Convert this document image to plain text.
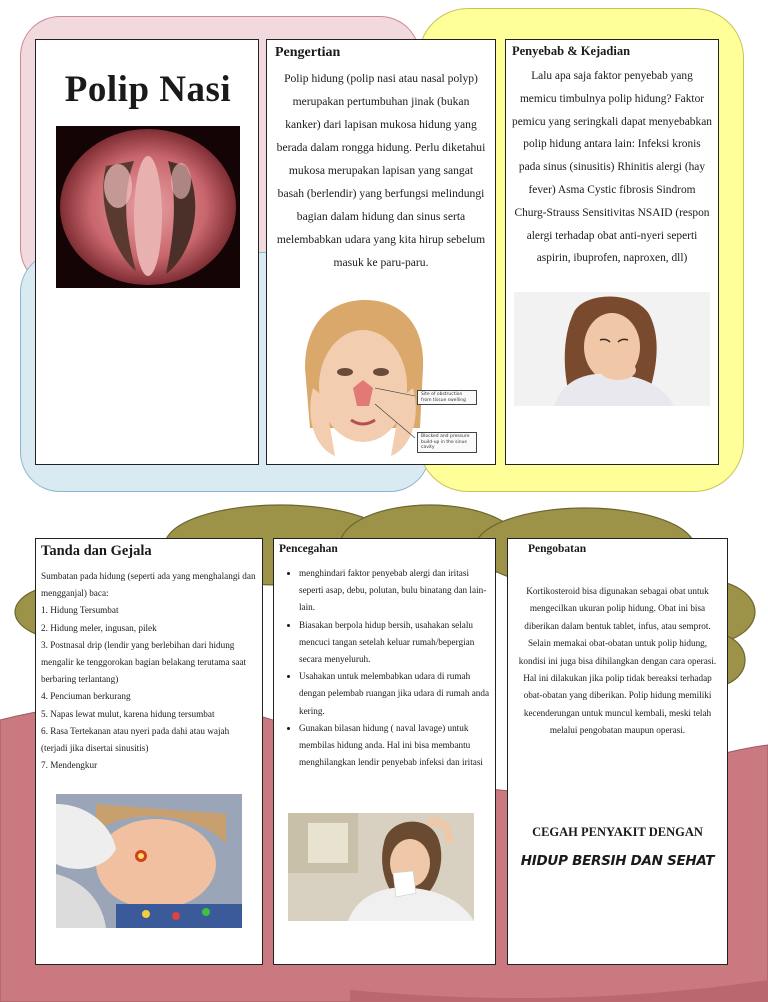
Polip Nasi
Pengertian
Polip hidung (polip nasi atau nasal polyp) merupakan pertumbuhan jinak (bukan kanker) dari lapisan mukosa hidung yang berada dalam rongga hidung. Perlu diketahui mukosa merupakan lapisan yang sangat basah (berlendir) yang berfungsi melindungi bagian dalam hidung dan sinus serta melembabkan udara yang kita hirup sebelum masuk ke paru-paru.
Site of obstruction from tissue swelling
Blocked and pressure build-up in the sinus cavity
Penyebab & Kejadian
Lalu apa saja faktor penyebab yang memicu timbulnya polip hidung? Faktor pemicu yang seringkali dapat menyebabkan polip hidung antara lain: Infeksi kronis pada sinus (sinusitis) Rhinitis alergi (hay fever) Asma Cystic fibrosis Sindrom Churg-Strauss Sensitivitas NSAID (respon alergi terhadap obat anti-nyeri seperti aspirin, ibuprofen, naproxen, dll)
Tanda dan Gejala
Sumbatan pada hidung (seperti ada yang menghalangi dan mengganjal) baca:
1. Hidung Tersumbat
2. Hidung meler, ingusan, pilek
3. Postnasal drip (lendir yang berlebihan dari hidung mengalir ke tenggorokan bagian belakang terutama saat berbaring terlantang)
4. Penciuman berkurang
5. Napas lewat mulut, karena hidung tersumbat
6. Rasa Tertekanan atau nyeri pada dahi atau wajah (terjadi jika disertai sinusitis)
7. Mendengkur
Pencegahan
• menghindari faktor penyebab alergi dan iritasi seperti asap, debu, polutan, bulu binatang dan lain-lain.
• Biasakan berpola hidup bersih, usahakan selalu mencuci tangan setelah keluar rumah/bepergian secara menyeluruh.
• Usahakan untuk melembabkan udara di rumah dengan pelembab ruangan jika udara di rumah anda kering.
• Gunakan bilasan hidung ( naval lavage) untuk membilas hidung anda. Hal ini bisa membantu menghilangkan lendir penyebab infeksi dan iritasi
Pengobatan
Kortikosteroid bisa digunakan sebagai obat untuk mengecilkan ukuran polip hidung. Obat ini bisa diberikan dalam bentuk tablet, infus, atau semprot. Selain memakai obat-obatan untuk polip hidung, kondisi ini juga bisa dihilangkan dengan cara operasi. Hal ini dilakukan jika polip tidak bereaksi terhadap obat-obatan yang diberikan. Polip hidung memiliki kecenderungan untuk muncul kembali, meski telah melalui pengobatan maupun operasi.
CEGAH PENYAKIT DENGAN
HIDUP BERSIH DAN SEHAT
